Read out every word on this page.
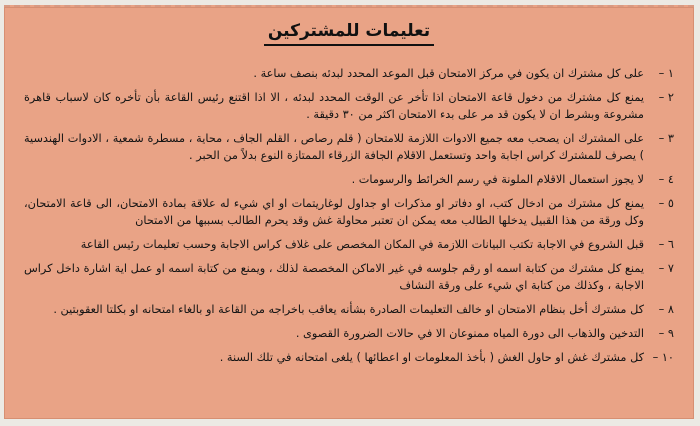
تعليمات للمشتركين
١ –
على كل مشترك ان يكون في مركز الامتحان قبل الموعد المحدد لبدئه بنصف ساعة .
٢ –
يمنع كل مشترك من دخول قاعة الامتحان اذا تأخر عن الوقت المحدد لبدئه ، الا اذا اقتنع رئيس القاعة بأن تأخره كان لاسباب قاهرة مشروعة وبشرط ان لا يكون قد مر على بدء الامتحان اكثر من ٣٠ دقيقة .
٣ –
على المشترك ان يصحب معه جميع الادوات اللازمة للامتحان ( قلم رصاص ، القلم الجاف ، محاية ، مسطرة شمعية ، الادوات الهندسية ) يصرف للمشترك كراس اجابة واحد وتستعمل الاقلام الجافة الزرقاء الممتازة النوع بدلاً من الحبر .
٤ –
لا يجوز استعمال الاقلام الملونة في رسم الخرائط والرسومات .
٥ –
يمنع كل مشترك من ادخال كتب، او دفاتر او مذكرات او جداول لوغاريتمات او اي شيء له علاقة بمادة الامتحان، الى قاعة الامتحان، وكل ورقة من هذا القبيل يدخلها الطالب معه يمكن ان تعتبر محاولة غش وقد يحرم الطالب بسببها من الامتحان
٦ –
قبل الشروع في الاجابة تكتب البيانات اللازمة في المكان المخصص على غلاف كراس الاجابة وحسب تعليمات رئيس القاعة
٧ –
يمنع كل مشترك من كتابة اسمه او رقم جلوسه في غير الاماكن المخصصة لذلك ، ويمنع من كتابة اسمه او عمل اية اشارة داخل كراس الاجابة ، وكذلك من كتابة اي شيء على ورقة النشاف
٨ –
كل مشترك أخل بنظام الامتحان او خالف التعليمات الصادرة بشأنه يعاقب باخراجه من القاعة او بالغاء امتحانه او بكلتا العقوبتين .
٩ –
التدخين والذهاب الى دورة المياه ممنوعان الا في حالات الضرورة القصوى .
١٠ –
كل مشترك غش او حاول الغش ( بأخذ المعلومات او اعطائها ) يلغى امتحانه في تلك السنة .
